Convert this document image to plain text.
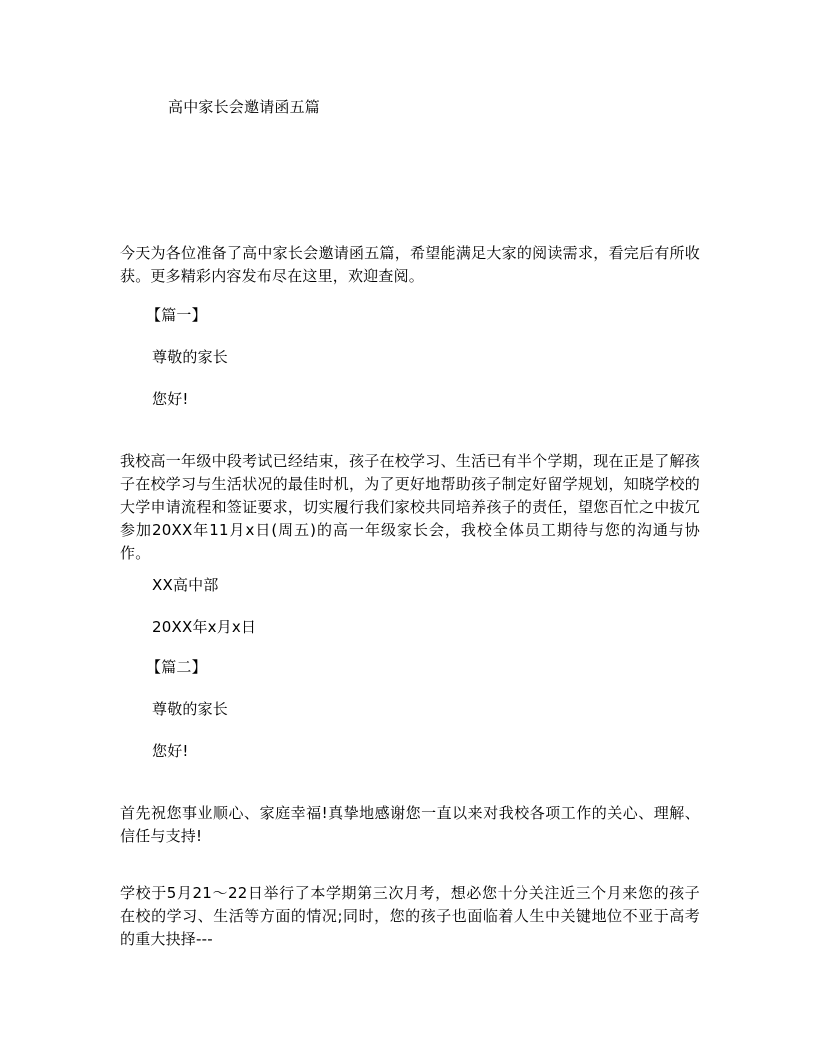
高中家长会邀请函五篇
今天为各位准备了高中家长会邀请函五篇，希望能满足大家的阅读需求，看完后有所收获。更多精彩内容发布尽在这里，欢迎查阅。
【篇一】
尊敬的家长
您好!
我校高一年级中段考试已经结束，孩子在校学习、生活已有半个学期，现在正是了解孩子在校学习与生活状况的最佳时机，为了更好地帮助孩子制定好留学规划，知晓学校的大学申请流程和签证要求，切实履行我们家校共同培养孩子的责任，望您百忙之中拔冗参加20XX年11月x日(周五)的高一年级家长会，我校全体员工期待与您的沟通与协作。
XX高中部
20XX年x月x日
【篇二】
尊敬的家长
您好!
首先祝您事业顺心、家庭幸福!真挚地感谢您一直以来对我校各项工作的关心、理解、信任与支持!
学校于5月21～22日举行了本学期第三次月考，想必您十分关注近三个月来您的孩子在校的学习、生活等方面的情况;同时，您的孩子也面临着人生中关键地位不亚于高考的重大抉择---
